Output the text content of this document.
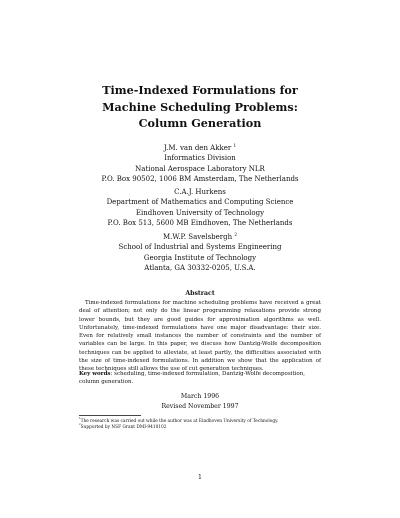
Time-Indexed Formulations for
Machine Scheduling Problems:
Column Generation
J.M. van den Akker $^1$
Informatics Division
National Aerospace Laboratory NLR
P.O. Box 90502, 1006 BM Amsterdam, The Netherlands
C.A.J. Hurkens
Department of Mathematics and Computing Science
Eindhoven University of Technology
P.O. Box 513, 5600 MB Eindhoven, The Netherlands
M.W.P. Savelsbergh $^2$
School of Industrial and Systems Engineering
Georgia Institute of Technology
Atlanta, GA 30332-0205, U.S.A.
Abstract
Time-indexed formulations for machine scheduling problems have received a great deal of attention; not only do the linear programming relaxations provide strong lower bounds, but they are good guides for approximation algorithms as well. Unfortunately, time-indexed formulations have one major disadvantage: their size. Even for relatively small instances the number of constraints and the number of variables can be large. In this paper, we discuss how Dantzig-Wolfe decomposition techniques can be applied to alleviate, at least partly, the difficulties associated with the size of time-indexed formulations. In addition we show that the application of these techniques still allows the use of cut generation techniques.
Key words: scheduling, time-indexed formulation, Dantzig-Wolfe decomposition, column generation.
March 1996
Revised November 1997
$^1$The research was carried out while the author was at Eindhoven University of Technology.
$^2$Supported by NSF Grant DMI-9410102
1
